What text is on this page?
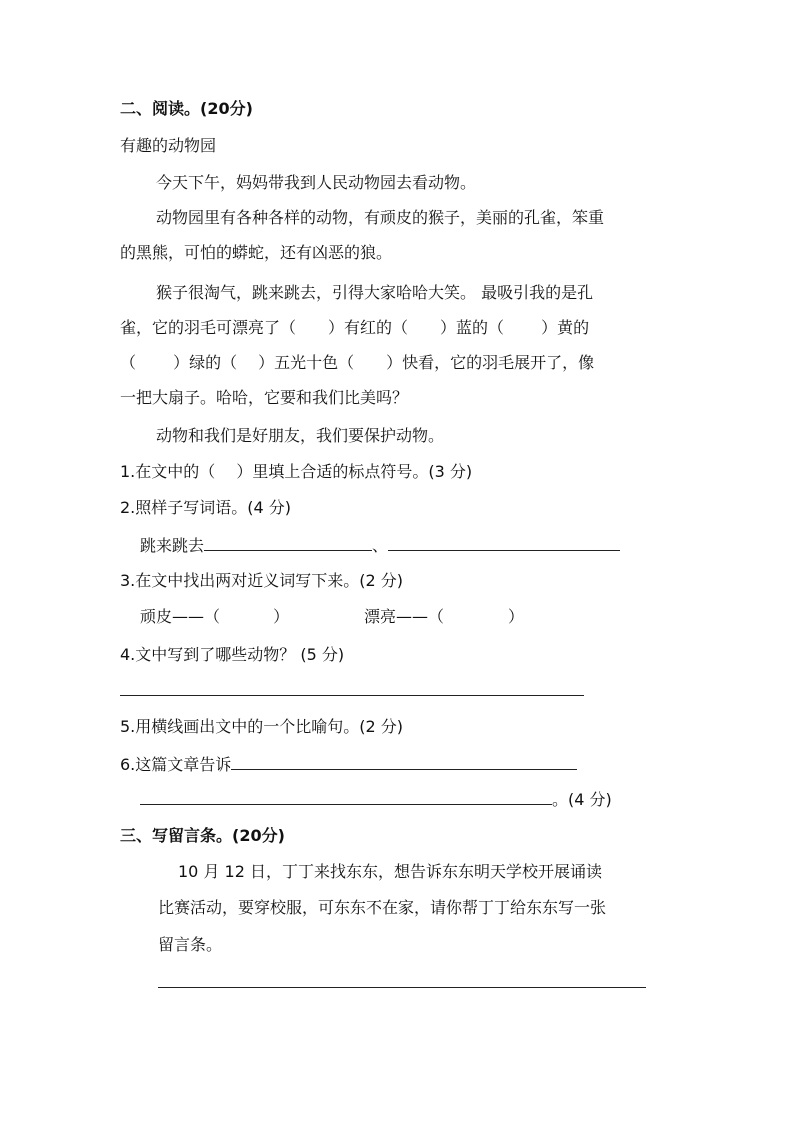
二、阅读。(20分)
有趣的动物园
今天下午，妈妈带我到人民动物园去看动物。
动物园里有各种各样的动物，有顽皮的猴子，美丽的孔雀，笨重
的黑熊，可怕的蟒蛇，还有凶恶的狼。
猴子很淘气，跳来跳去，引得大家哈哈大笑。 最吸引我的是孔
雀，它的羽毛可漂亮了（　　）有红的（　　）蓝的（　　 ）黄的
（　　 ）绿的（　 ）五光十色（　　）快看，它的羽毛展开了，像
一把大扇子。哈哈，它要和我们比美吗？
动物和我们是好朋友，我们要保护动物。
1.在文中的（　 ）里填上合适的标点符号。(3 分)
2.照样子写词语。(4 分)
跳来跳去	、
3.在文中找出两对近义词写下来。(2 分)
顽皮——（　　　 ）	漂亮——（　　　　）
4.文中写到了哪些动物？ (5 分)
5.用横线画出文中的一个比喻句。(2 分)
6.这篇文章告诉
。(4 分)
三、写留言条。(20分)
10 月 12 日，丁丁来找东东，想告诉东东明天学校开展诵读
比赛活动，要穿校服，可东东不在家，请你帮丁丁给东东写一张
留言条。
